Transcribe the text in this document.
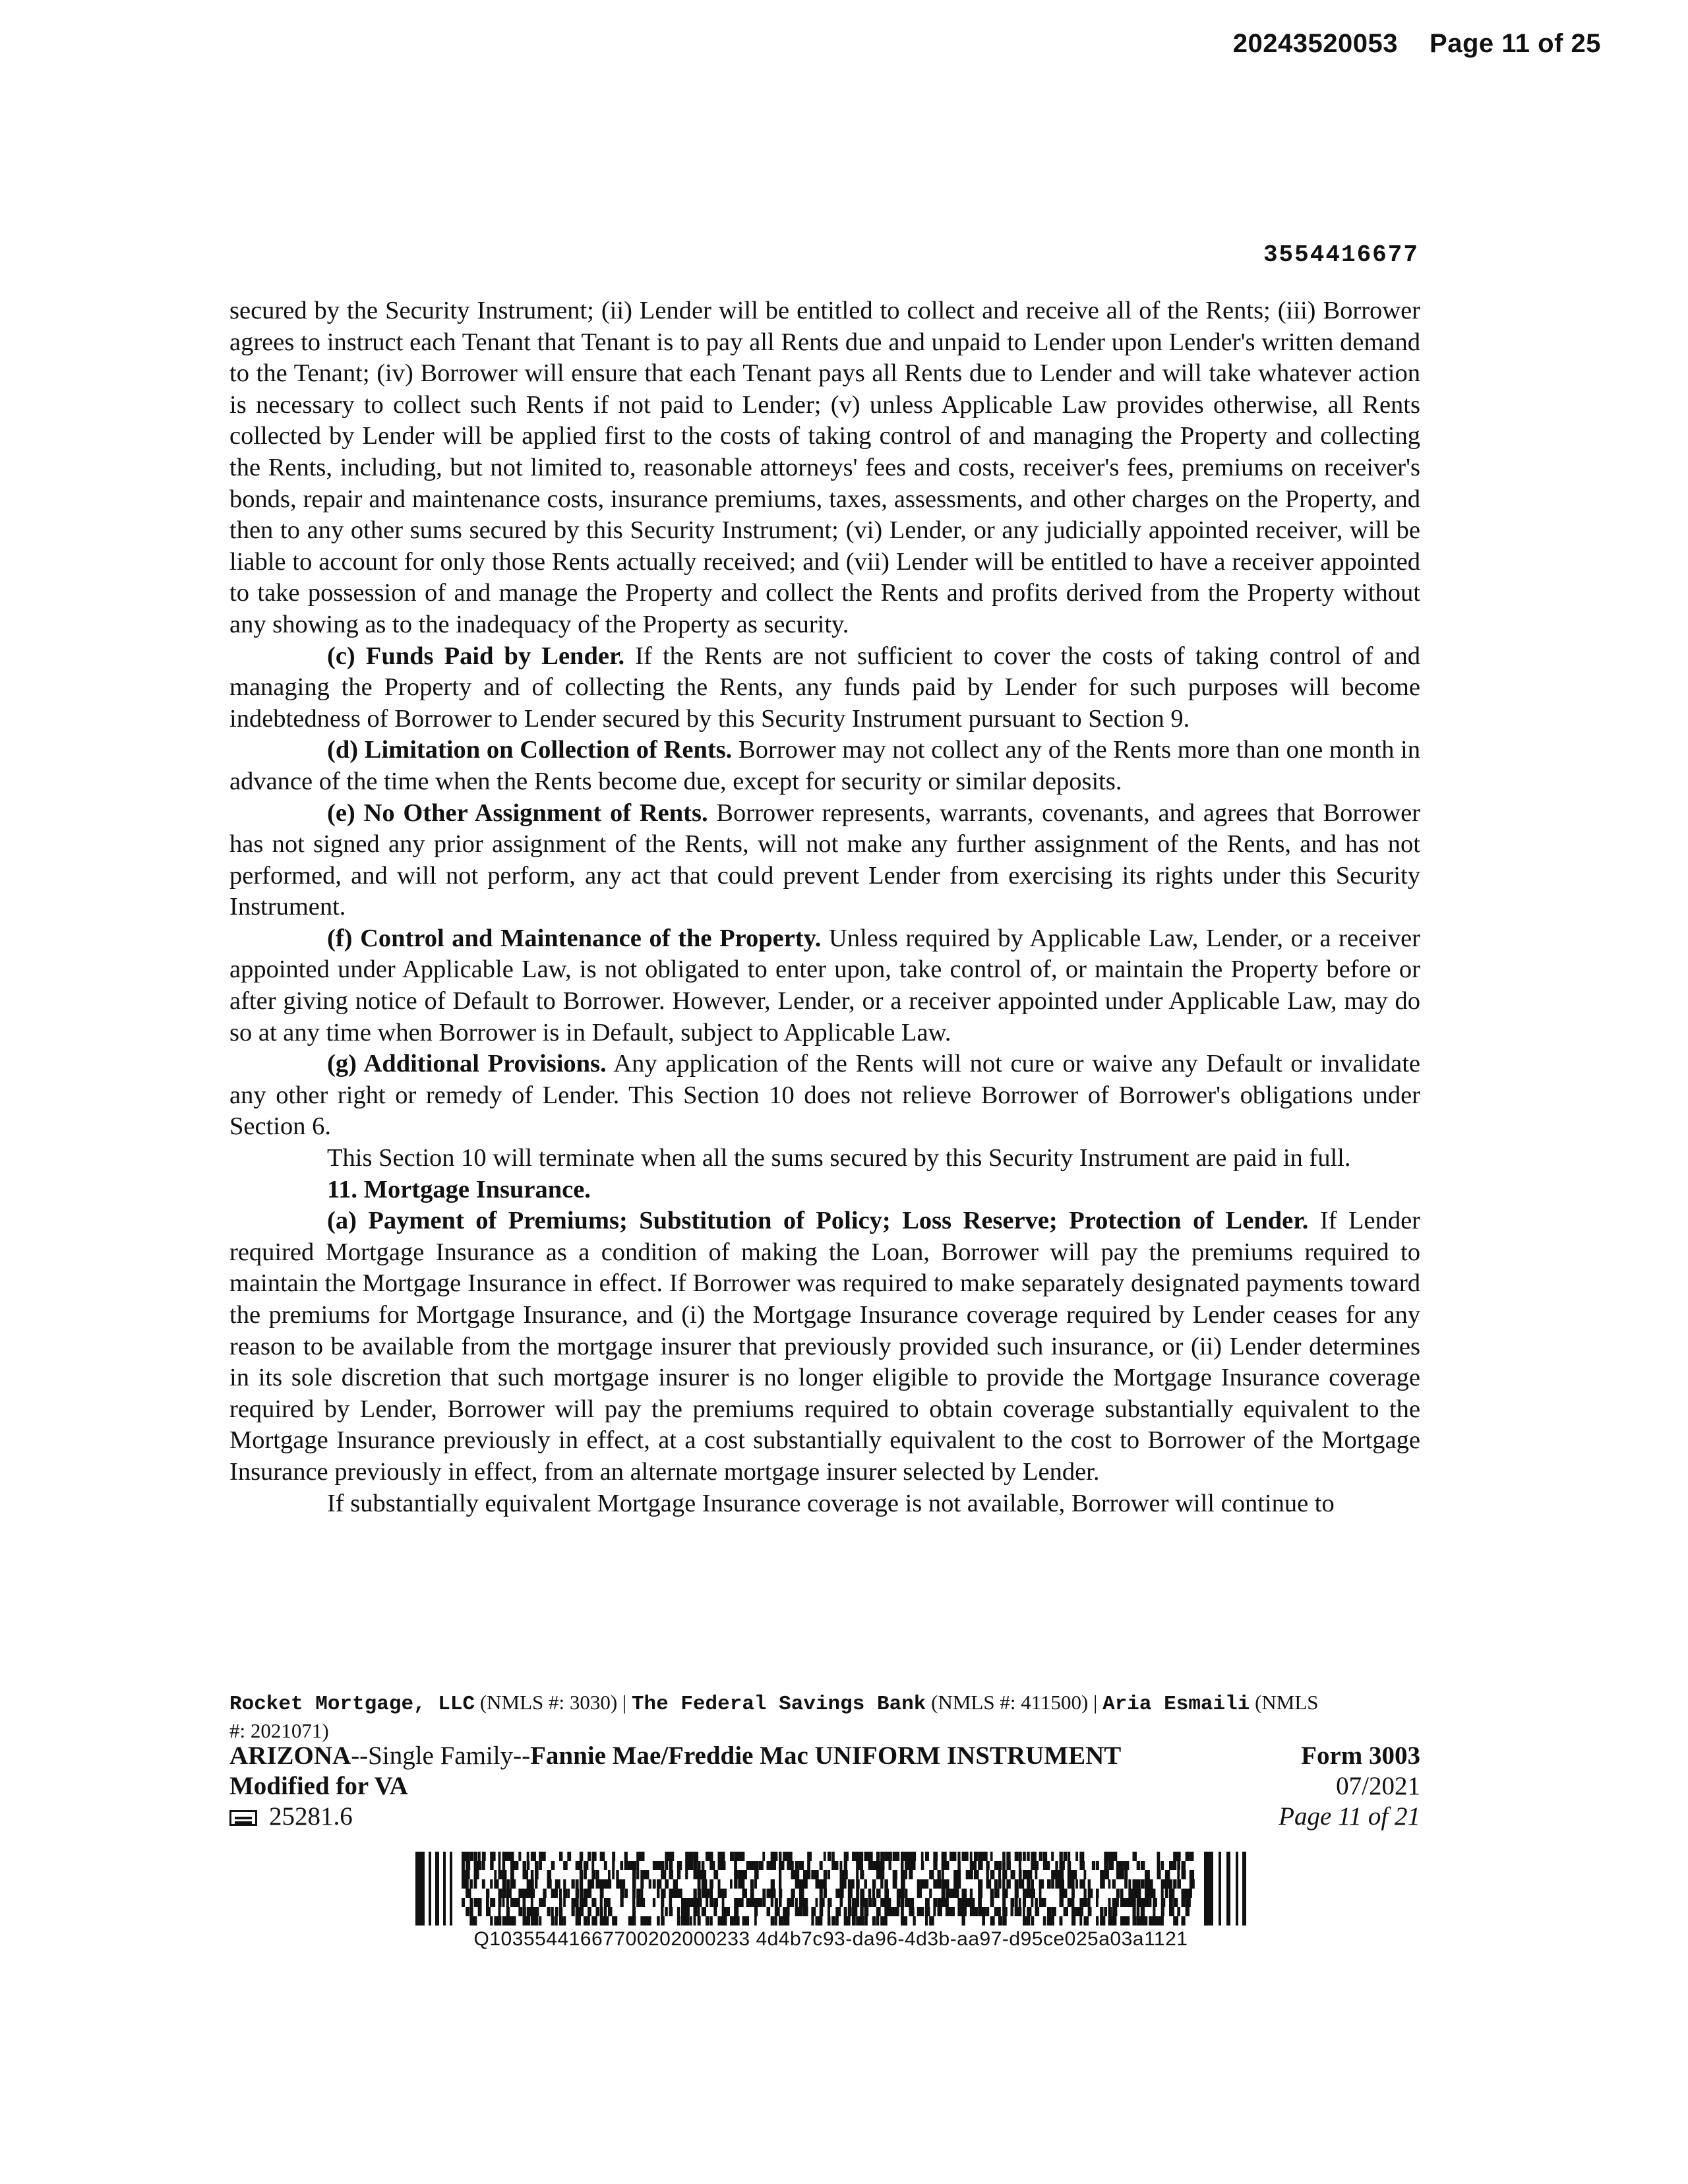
20243520053 Page 11 of 25
3554416677

secured by the Security Instrument; (ii) Lender will be entitled to collect and receive all of the Rents; (iii) Borrower agrees to instruct each Tenant that Tenant is to pay all Rents due and unpaid to Lender upon Lender's written demand to the Tenant; (iv) Borrower will ensure that each Tenant pays all Rents due to Lender and will take whatever action is necessary to collect such Rents if not paid to Lender; (v) unless Applicable Law provides otherwise, all Rents collected by Lender will be applied first to the costs of taking control of and managing the Property and collecting the Rents, including, but not limited to, reasonable attorneys' fees and costs, receiver's fees, premiums on receiver's bonds, repair and maintenance costs, insurance premiums, taxes, assessments, and other charges on the Property, and then to any other sums secured by this Security Instrument; (vi) Lender, or any judicially appointed receiver, will be liable to account for only those Rents actually received; and (vii) Lender will be entitled to have a receiver appointed to take possession of and manage the Property and collect the Rents and profits derived from the Property without any showing as to the inadequacy of the Property as security.

(c) Funds Paid by Lender. If the Rents are not sufficient to cover the costs of taking control of and managing the Property and of collecting the Rents, any funds paid by Lender for such purposes will become indebtedness of Borrower to Lender secured by this Security Instrument pursuant to Section 9.

(d) Limitation on Collection of Rents. Borrower may not collect any of the Rents more than one month in advance of the time when the Rents become due, except for security or similar deposits.

(e) No Other Assignment of Rents. Borrower represents, warrants, covenants, and agrees that Borrower has not signed any prior assignment of the Rents, will not make any further assignment of the Rents, and has not performed, and will not perform, any act that could prevent Lender from exercising its rights under this Security Instrument.

(f) Control and Maintenance of the Property. Unless required by Applicable Law, Lender, or a receiver appointed under Applicable Law, is not obligated to enter upon, take control of, or maintain the Property before or after giving notice of Default to Borrower. However, Lender, or a receiver appointed under Applicable Law, may do so at any time when Borrower is in Default, subject to Applicable Law.

(g) Additional Provisions. Any application of the Rents will not cure or waive any Default or invalidate any other right or remedy of Lender. This Section 10 does not relieve Borrower of Borrower's obligations under Section 6.

This Section 10 will terminate when all the sums secured by this Security Instrument are paid in full.

11. Mortgage Insurance.

(a) Payment of Premiums; Substitution of Policy; Loss Reserve; Protection of Lender. If Lender required Mortgage Insurance as a condition of making the Loan, Borrower will pay the premiums required to maintain the Mortgage Insurance in effect. If Borrower was required to make separately designated payments toward the premiums for Mortgage Insurance, and (i) the Mortgage Insurance coverage required by Lender ceases for any reason to be available from the mortgage insurer that previously provided such insurance, or (ii) Lender determines in its sole discretion that such mortgage insurer is no longer eligible to provide the Mortgage Insurance coverage required by Lender, Borrower will pay the premiums required to obtain coverage substantially equivalent to the Mortgage Insurance previously in effect, at a cost substantially equivalent to the cost to Borrower of the Mortgage Insurance previously in effect, from an alternate mortgage insurer selected by Lender.

If substantially equivalent Mortgage Insurance coverage is not available, Borrower will continue to

Rocket Mortgage, LLC (NMLS #: 3030) | The Federal Savings Bank (NMLS #: 411500) | Aria Esmaili (NMLS
#: 2021071)
ARIZONA--Single Family--Fannie Mae/Freddie Mac UNIFORM INSTRUMENT
Modified for VA
25281.6
Form 3003
07/2021
Page 11 of 21
Q10355441667700202000233 4d4b7c93-da96-4d3b-aa97-d95ce025a03a1121
